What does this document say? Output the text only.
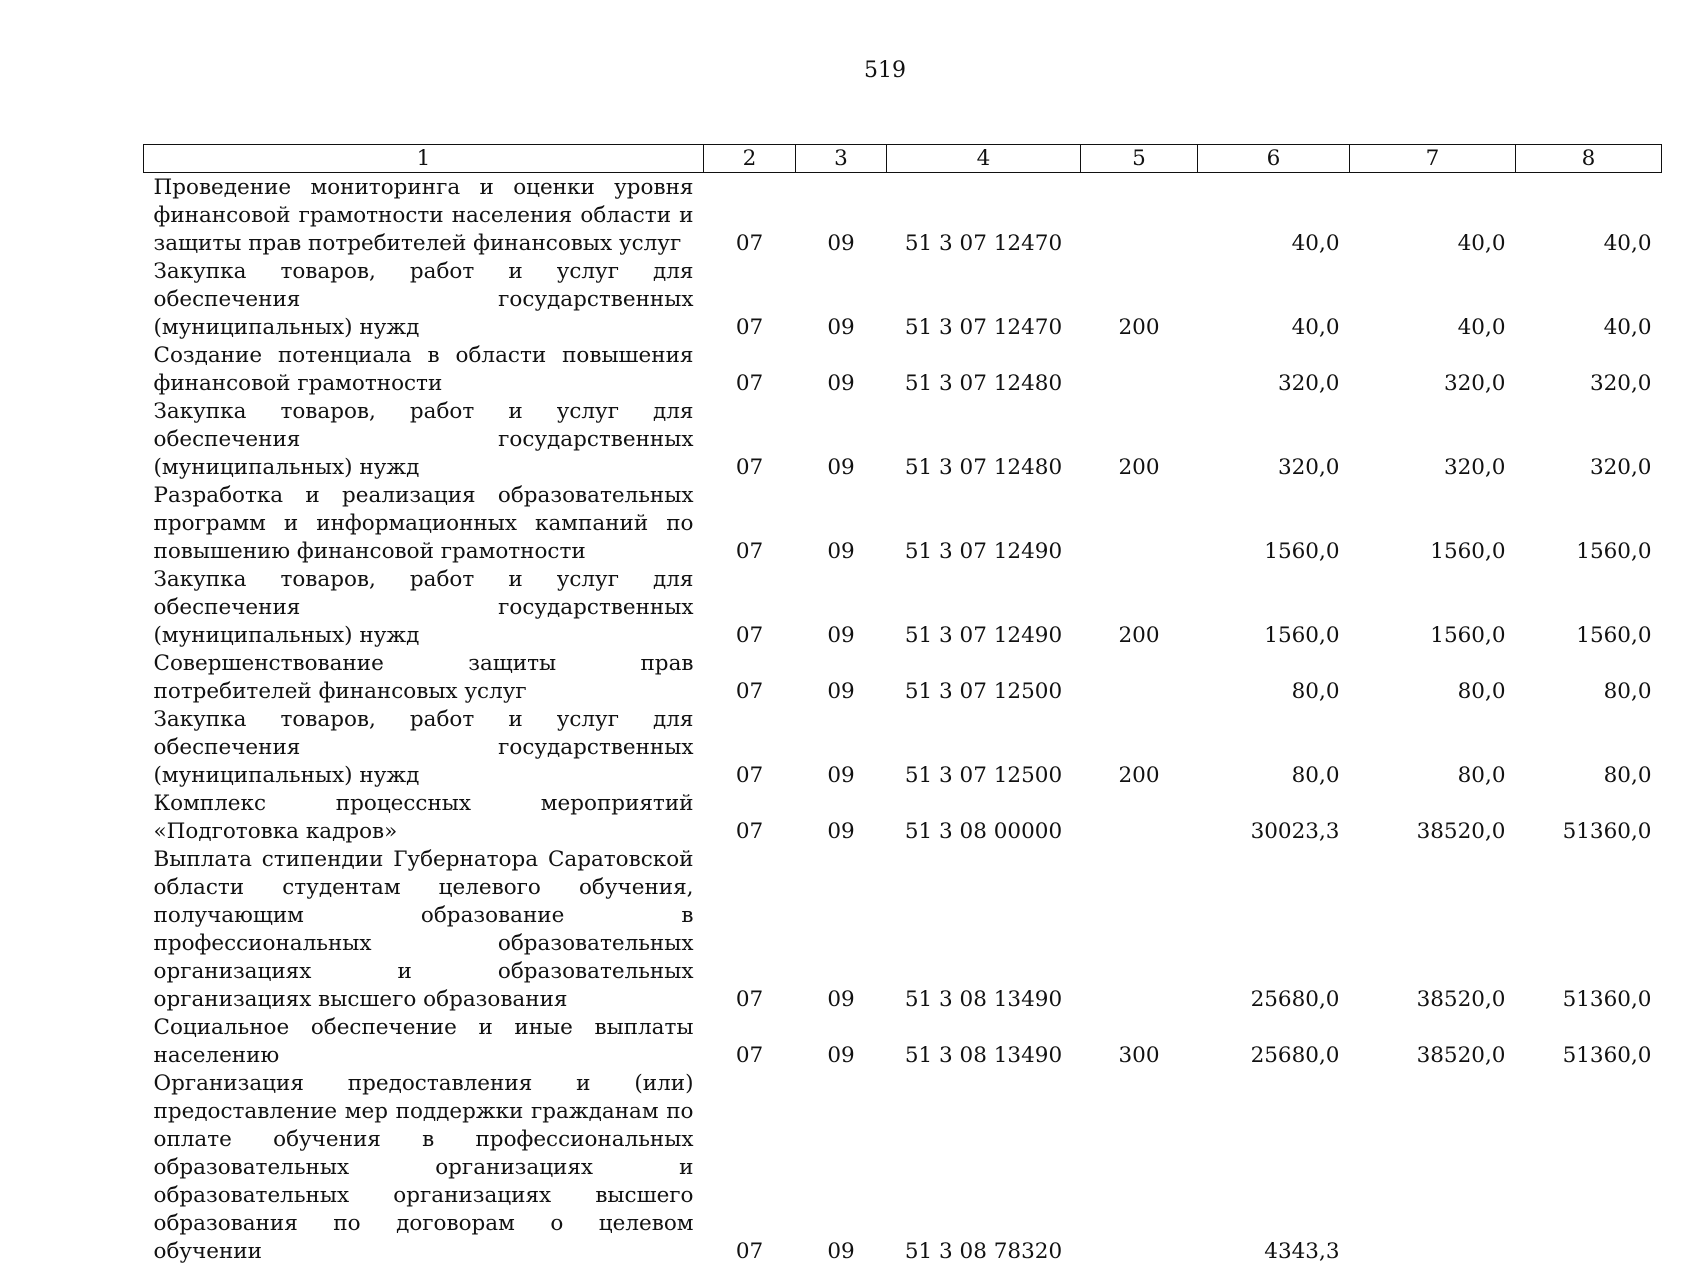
519
1	2	3	4	5	6	7	8
Проведение мониторинга и оценки уровня финансовой грамотности населения области и защиты прав потребителей финансовых услуг	07	09	51 3 07 12470		40,0	40,0	40,0
Закупка товаров, работ и услуг для обеспечения государственных (муниципальных) нужд	07	09	51 3 07 12470	200	40,0	40,0	40,0
Создание потенциала в области повышения финансовой грамотности	07	09	51 3 07 12480		320,0	320,0	320,0
Закупка товаров, работ и услуг для обеспечения государственных (муниципальных) нужд	07	09	51 3 07 12480	200	320,0	320,0	320,0
Разработка и реализация образовательных программ и информационных кампаний по повышению финансовой грамотности	07	09	51 3 07 12490		1560,0	1560,0	1560,0
Закупка товаров, работ и услуг для обеспечения государственных (муниципальных) нужд	07	09	51 3 07 12490	200	1560,0	1560,0	1560,0
Совершенствование защиты прав потребителей финансовых услуг	07	09	51 3 07 12500		80,0	80,0	80,0
Закупка товаров, работ и услуг для обеспечения государственных (муниципальных) нужд	07	09	51 3 07 12500	200	80,0	80,0	80,0
Комплекс процессных мероприятий «Подготовка кадров»	07	09	51 3 08 00000		30023,3	38520,0	51360,0
Выплата стипендии Губернатора Саратовской области студентам целевого обучения, получающим образование в профессиональных образовательных организациях и образовательных организациях высшего образования	07	09	51 3 08 13490		25680,0	38520,0	51360,0
Социальное обеспечение и иные выплаты населению	07	09	51 3 08 13490	300	25680,0	38520,0	51360,0
Организация предоставления и (или) предоставление мер поддержки гражданам по оплате обучения в профессиональных образовательных организациях и образовательных организациях высшего образования по договорам о целевом обучении	07	09	51 3 08 78320		4343,3		
